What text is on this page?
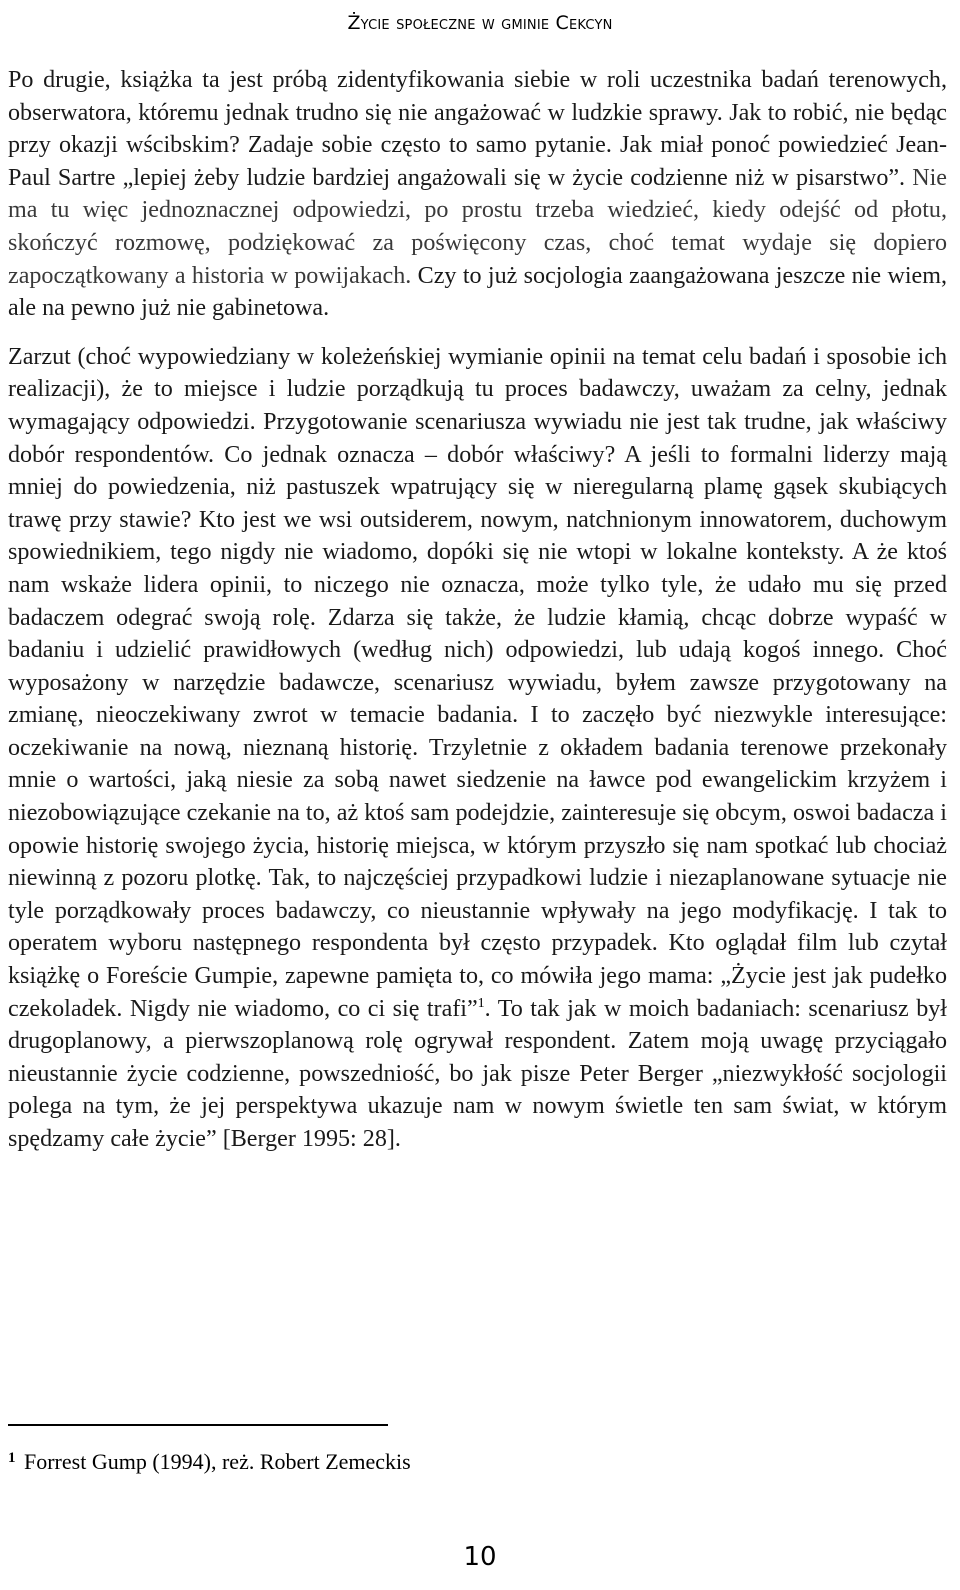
Życie społeczne w gminie Cekcyn

Po drugie, książka ta jest próbą zidentyfikowania siebie w roli uczestnika badań terenowych, obserwatora, któremu jednak trudno się nie angażować w ludzkie sprawy. Jak to robić, nie będąc przy okazji wścibskim? Zadaje sobie często to samo pytanie. Jak miał ponoć powiedzieć Jean-Paul Sartre „lepiej żeby ludzie bardziej angażowali się w życie codzienne niż w pisarstwo”. Nie ma tu więc jednoznacznej odpowiedzi, po prostu trzeba wiedzieć, kiedy odejść od płotu, skończyć rozmowę, podziękować za poświęcony czas, choć temat wydaje się dopiero zapoczątkowany a historia w powijakach. Czy to już socjologia zaangażowana jeszcze nie wiem, ale na pewno już nie gabinetowa.

Zarzut (choć wypowiedziany w koleżeńskiej wymianie opinii na temat celu badań i sposobie ich realizacji), że to miejsce i ludzie porządkują tu proces badawczy, uważam za celny, jednak wymagający odpowiedzi. Przygotowanie scenariusza wywiadu nie jest tak trudne, jak właściwy dobór respondentów. Co jednak oznacza – dobór właściwy? A jeśli to formalni liderzy mają mniej do powiedzenia, niż pastuszek wpatrujący się w nieregularną plamę gąsek skubiących trawę przy stawie? Kto jest we wsi outsiderem, nowym, natchnionym innowatorem, duchowym spowiednikiem, tego nigdy nie wiadomo, dopóki się nie wtopi w lokalne konteksty. A że ktoś nam wskaże lidera opinii, to niczego nie oznacza, może tylko tyle, że udało mu się przed badaczem odegrać swoją rolę. Zdarza się także, że ludzie kłamią, chcąc dobrze wypaść w badaniu i udzielić prawidłowych (według nich) odpowiedzi, lub udają kogoś innego. Choć wyposażony w narzędzie badawcze, scenariusz wywiadu, byłem zawsze przygotowany na zmianę, nieoczekiwany zwrot w temacie badania. I to zaczęło być niezwykle interesujące: oczekiwanie na nową, nieznaną historię. Trzyletnie z okładem badania terenowe przekonały mnie o wartości, jaką niesie za sobą nawet siedzenie na ławce pod ewangelickim krzyżem i niezobowiązujące czekanie na to, aż ktoś sam podejdzie, zainteresuje się obcym, oswoi badacza i opowie historię swojego życia, historię miejsca, w którym przyszło się nam spotkać lub chociaż niewinną z pozoru plotkę. Tak, to najczęściej przypadkowi ludzie i niezaplanowane sytuacje nie tyle porządkowały proces badawczy, co nieustannie wpływały na jego modyfikację. I tak to operatem wyboru następnego respondenta był często przypadek. Kto oglądał film lub czytał książkę o Foreście Gumpie, zapewne pamięta to, co mówiła jego mama: „Życie jest jak pudełko czekoladek. Nigdy nie wiadomo, co ci się trafi”$^1$. To tak jak w moich badaniach: scenariusz był drugoplanowy, a pierwszoplanową rolę ogrywał respondent. Zatem moją uwagę przyciągało nieustannie życie codzienne, powszedniość, bo jak pisze Peter Berger „niezwykłość socjologii polega na tym, że jej perspektywa ukazuje nam w nowym świetle ten sam świat, w którym spędzamy całe życie” [Berger 1995: 28].

$^1$ Forrest Gump (1994), reż. Robert Zemeckis
10
